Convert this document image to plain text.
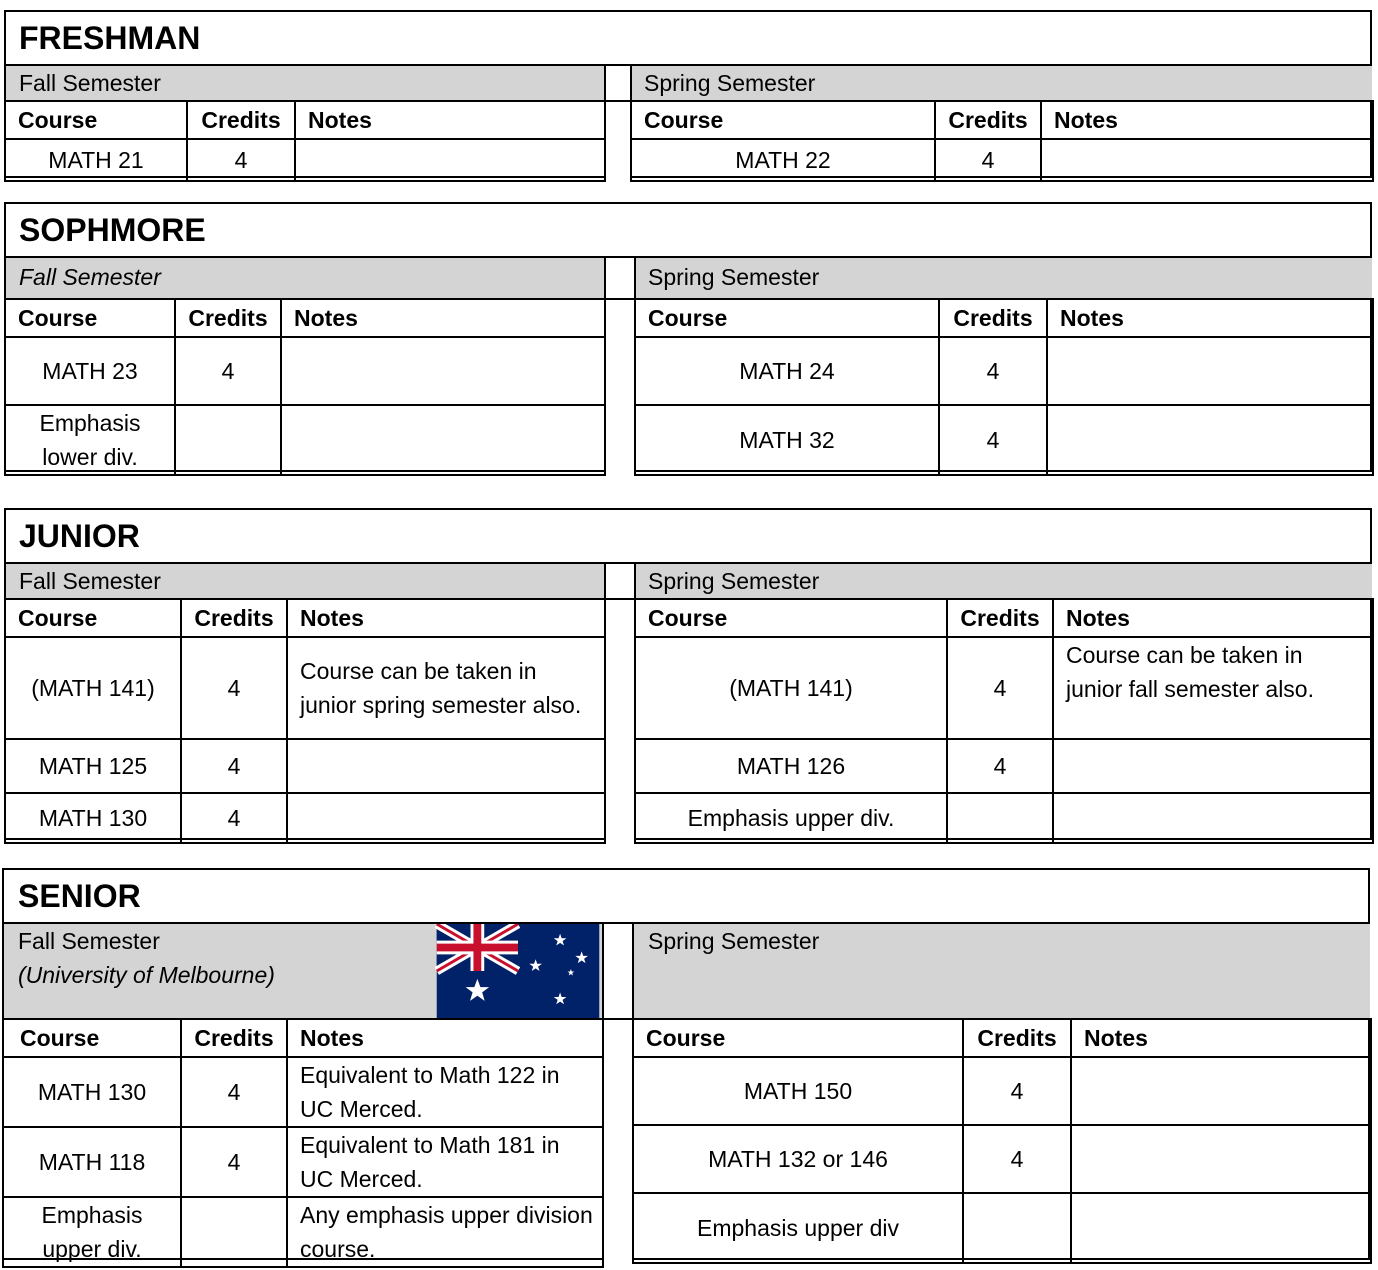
FRESHMAN
Fall Semester	Spring Semester
Course	Credits	Notes
MATH 21	4	
Course	Credits	Notes
MATH 22	4	
SOPHMORE
Fall Semester	Spring Semester
Course	Credits	Notes
MATH 23	4	
Emphasis lower div.		
Course	Credits	Notes
MATH 24	4	
MATH 32	4	
JUNIOR
Fall Semester	Spring Semester
Course	Credits	Notes
(MATH 141)	4	Course can be taken in junior spring semester also.
MATH 125	4	
MATH 130	4	
Course	Credits	Notes
(MATH 141)	4	Course can be taken in junior fall semester also.
MATH 126	4	
Emphasis upper div.		
SENIOR
Fall Semester
(University of Melbourne)
Spring Semester
Course	Credits	Notes
MATH 130	4	Equivalent to Math 122 in UC Merced.
MATH 118	4	Equivalent to Math 181 in UC Merced.
Emphasis upper div.		Any emphasis upper division course.
Course	Credits	Notes
MATH 150	4	
MATH 132 or 146	4	
Emphasis upper div		
